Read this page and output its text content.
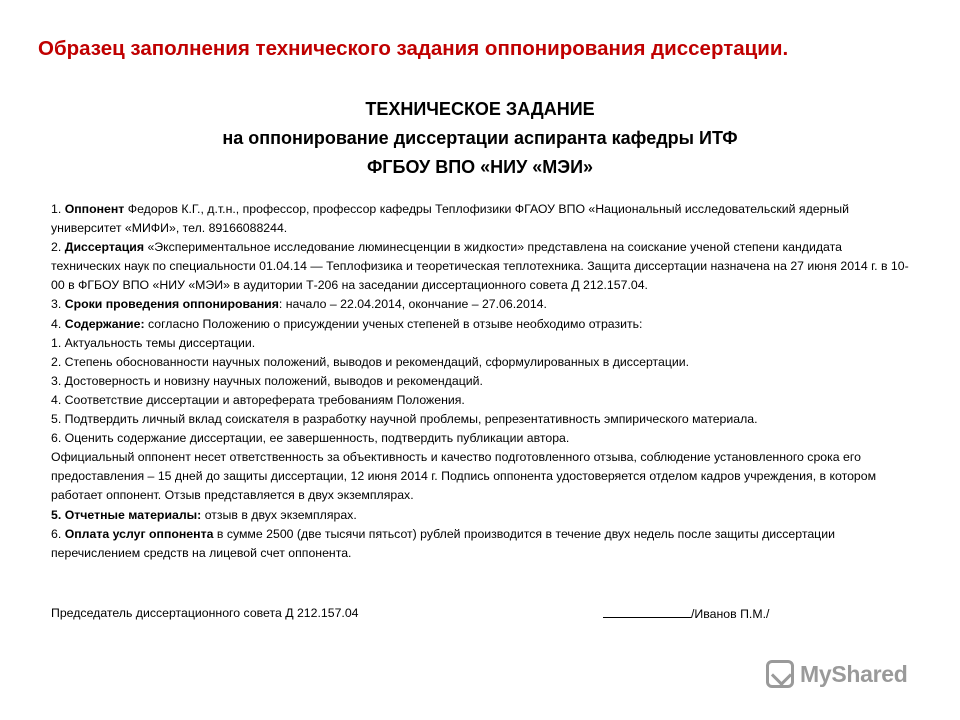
Образец заполнения технического задания оппонирования диссертации.
ТЕХНИЧЕСКОЕ ЗАДАНИЕ
на оппонирование диссертации аспиранта кафедры ИТФ
ФГБОУ ВПО «НИУ «МЭИ»

1. Оппонент Федоров К.Г., д.т.н., профессор, профессор кафедры Теплофизики ФГАОУ ВПО «Национальный исследовательский ядерный университет «МИФИ», тел. 89166088244.

2. Диссертация «Экспериментальное исследование люминесценции в жидкости» представлена на соискание ученой степени кандидата технических наук по специальности 01.04.14 — Теплофизика и теоретическая теплотехника. Защита диссертации назначена на 27 июня 2014 г. в 10-00 в ФГБОУ ВПО «НИУ «МЭИ» в аудитории Т-206 на заседании диссертационного совета Д 212.157.04.

3. Сроки проведения оппонирования: начало – 22.04.2014, окончание – 27.06.2014.

4. Содержание: согласно Положению о присуждении ученых степеней в отзыве необходимо отразить:

1. Актуальность темы диссертации.

2. Степень обоснованности научных положений, выводов и рекомендаций, сформулированных в диссертации.

3. Достоверность и новизну научных положений, выводов и рекомендаций.

4. Соответствие диссертации и автореферата требованиям Положения.

5. Подтвердить личный вклад соискателя в разработку научной проблемы, репрезентативность эмпирического материала.

6. Оценить содержание диссертации, ее завершенность, подтвердить публикации автора.

Официальный оппонент несет ответственность за объективность и качество подготовленного отзыва, соблюдение установленного срока его предоставления – 15 дней до защиты диссертации, 12 июня 2014 г. Подпись оппонента удостоверяется отделом кадров учреждения, в котором работает оппонент. Отзыв представляется в двух экземплярах.

5. Отчетные материалы: отзыв в двух экземплярах.

6. Оплата услуг оппонента в сумме 2500 (две тысячи пятьсот) рублей производится в течение двух недель после защиты диссертации перечислением средств на лицевой счет оппонента.

Председатель диссертационного совета Д 212.157.04	/Иванов П.М./
MyShared
